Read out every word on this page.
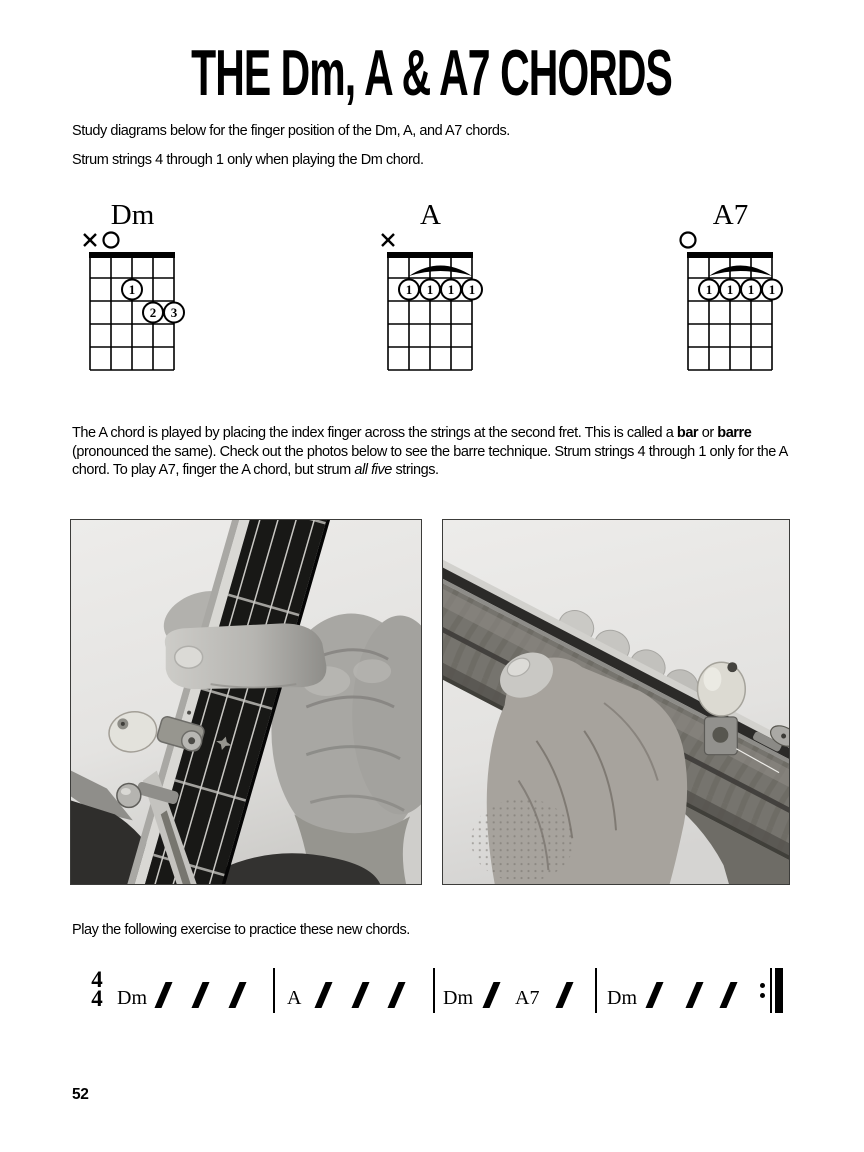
THE Dm, A & A7 CHORDS

Study diagrams below for the finger position of the Dm, A, and A7 chords.

Strum strings 4 through 1 only when playing the Dm chord.

Dm
1
2 3
A
1 1 1 1
A7
1 1 1 1

The A chord is played by placing the index finger across the strings at the second fret. This is called a bar or barre (pronounced the same). Check out the photos below to see the barre technique. Strum strings 4 through 1 only for the A chord. To play A7, finger the A chord, but strum all five strings.

Play the following exercise to practice these new chords.

4
4 Dm	A	Dm A7	Dm
52
